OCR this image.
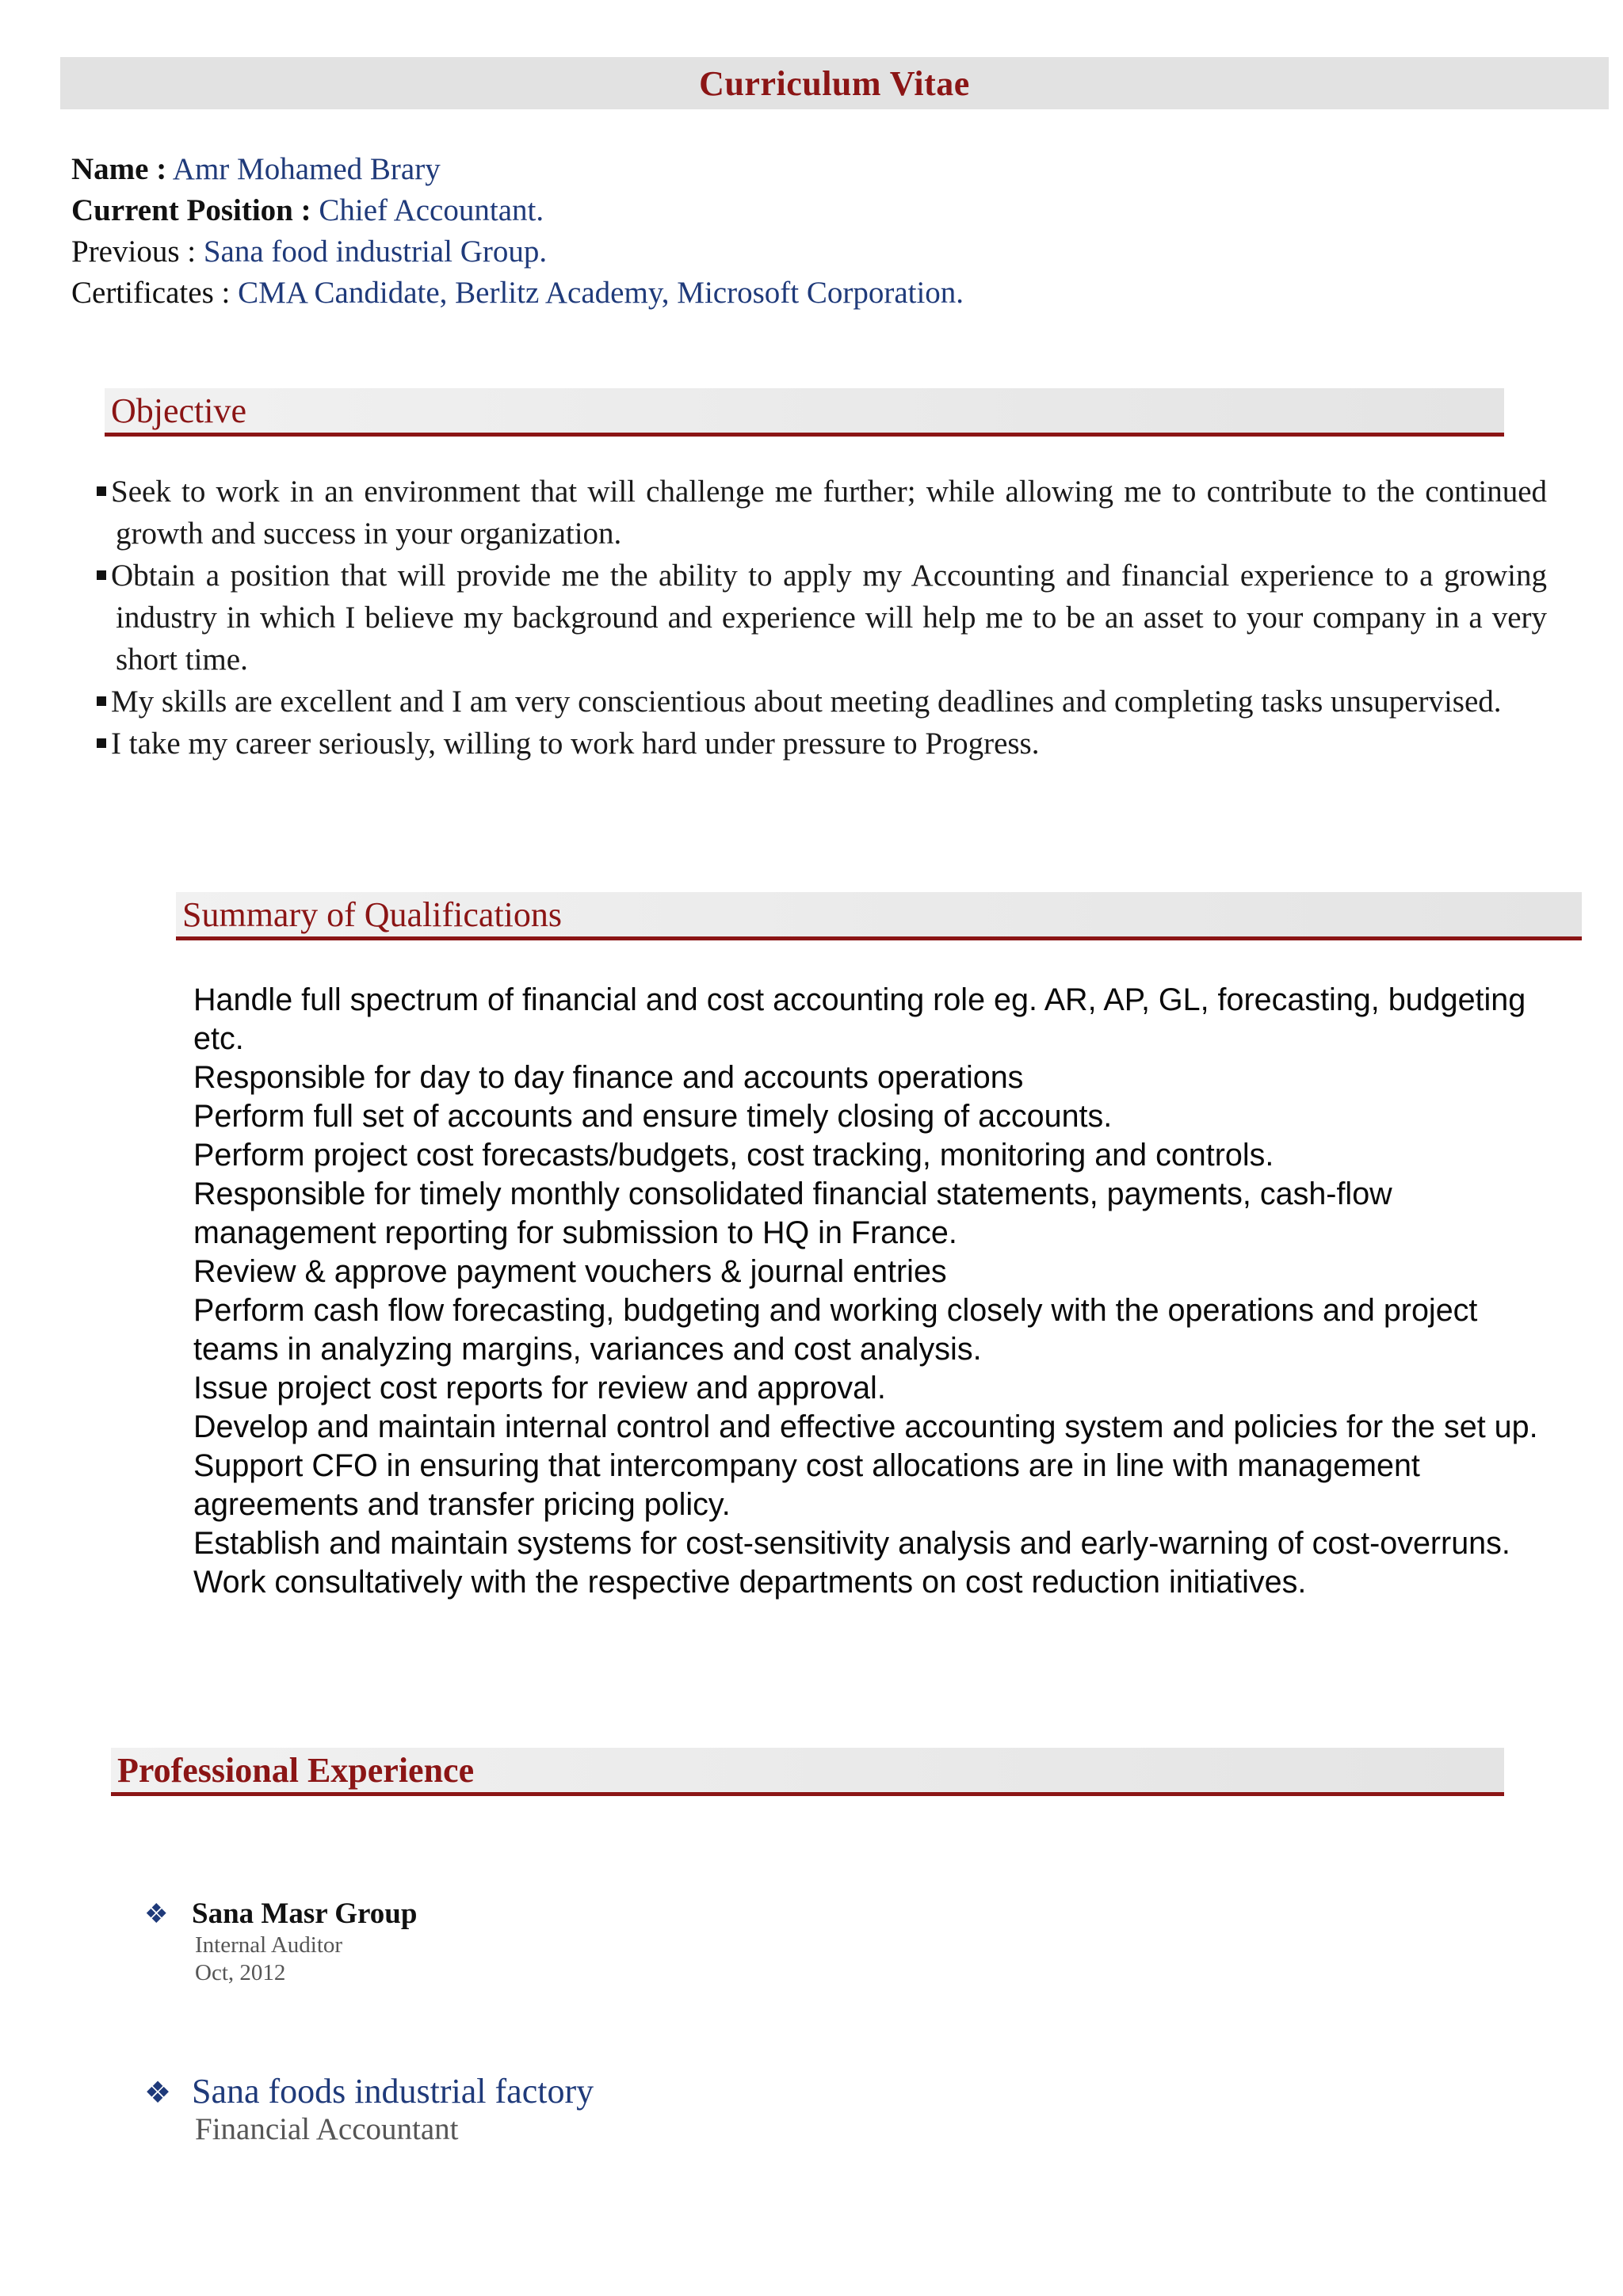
Curriculum Vitae
Name : Amr Mohamed Brary
Current Position : Chief Accountant.
Previous : Sana food industrial Group.
Certificates : CMA Candidate, Berlitz Academy, Microsoft Corporation.
Objective
Seek to work in an environment that will challenge me further; while allowing me to contribute to the continued growth and success in your organization.
Obtain a position that will provide me the ability to apply my Accounting and financial experience to a growing industry in which I believe my background and experience will help me to be an asset to your company in a very short time.
My skills are excellent and I am very conscientious about meeting deadlines and completing tasks unsupervised.
I take my career seriously, willing to work hard under pressure to Progress.
Summary of Qualifications
Handle full spectrum of financial and cost accounting role eg. AR, AP, GL, forecasting, budgeting etc.
Responsible for day to day finance and accounts operations
Perform full set of accounts and ensure timely closing of accounts.
Perform project cost forecasts/budgets, cost tracking, monitoring and controls.
Responsible for timely monthly consolidated financial statements, payments, cash-flow management reporting for submission to HQ in France.
Review & approve payment vouchers & journal entries
Perform cash flow forecasting, budgeting and working closely with the operations and project teams in analyzing margins, variances and cost analysis.
Issue project cost reports for review and approval.
Develop and maintain internal control and effective accounting system and policies for the set up.
Support CFO in ensuring that intercompany cost allocations are in line with management agreements and transfer pricing policy.
Establish and maintain systems for cost-sensitivity analysis and early-warning of cost-overruns.
Work consultatively with the respective departments on cost reduction initiatives.
Professional Experience
❖ Sana Masr Group
Internal Auditor
Oct, 2012
❖ Sana foods industrial factory
Financial Accountant
